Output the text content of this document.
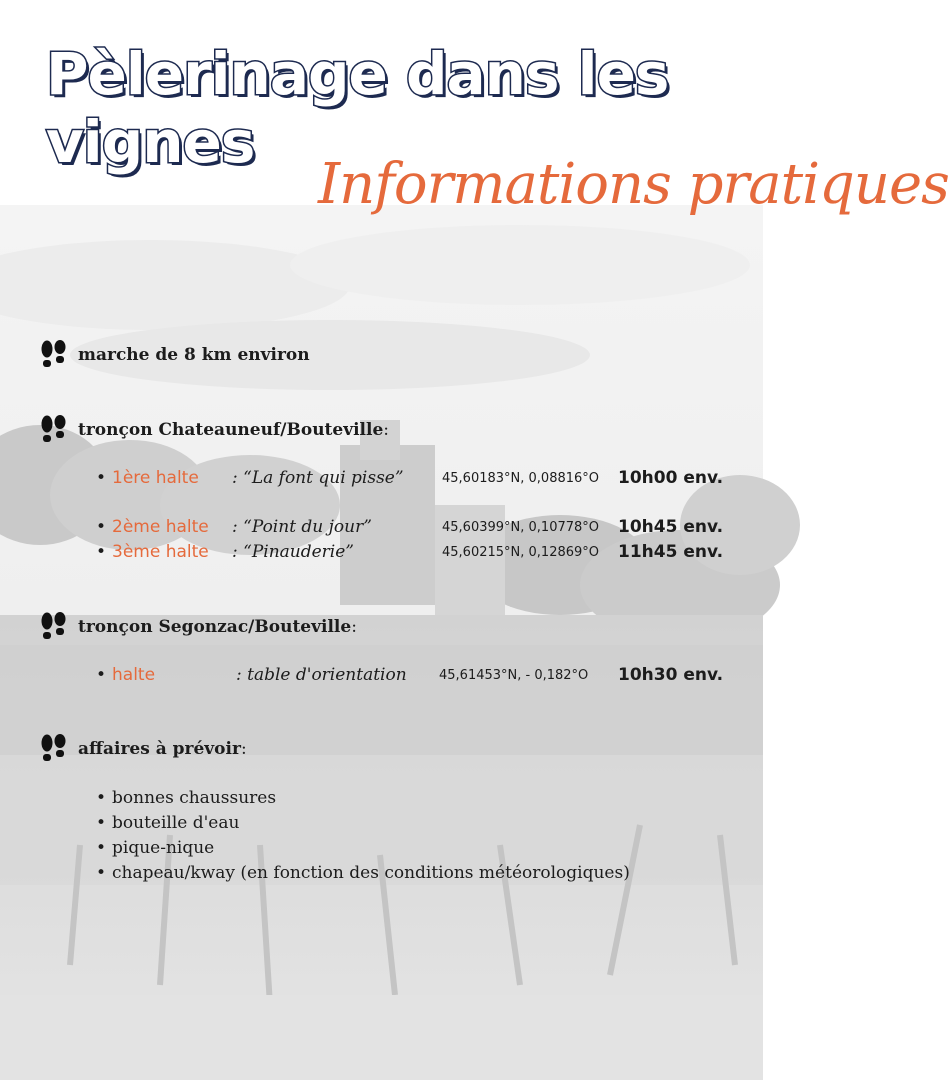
Pèlerinage dans les vignes
Informations pratiques
marche de 8 km environ
tronçon Chateauneuf/Bouteville :
• 1ère halte : “La font qui pisse”	45,60183°N, 0,08816°O 10h00 env.
• 2ème halte : “Point du jour”	45,60399°N, 0,10778°O 10h45 env.
• 3ème halte : “Pinauderie”	45,60215°N, 0,12869°O 11h45 env.
tronçon Segonzac/Bouteville :
• halte	: table d'orientation 45,61453°N, - 0,182°O 10h30 env.
affaires à prévoir :
• bonnes chaussures
• bouteille d'eau
• pique-nique
• chapeau/kway (en fonction des conditions météorologiques)
